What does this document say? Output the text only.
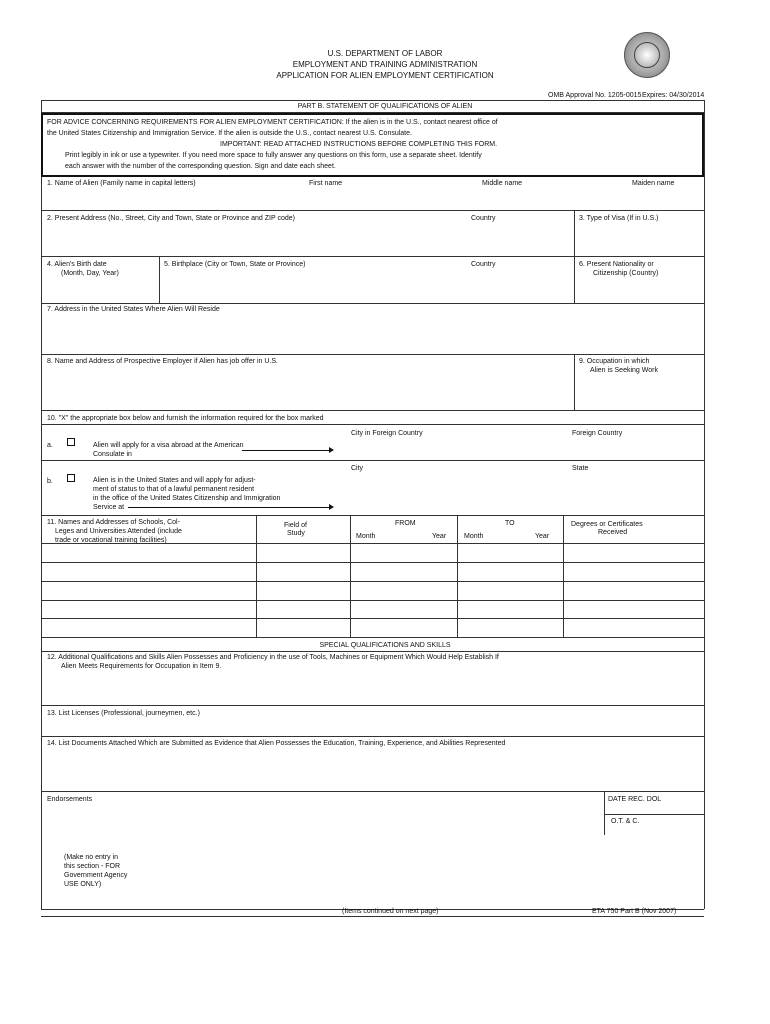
U.S. DEPARTMENT OF LABOR
EMPLOYMENT AND TRAINING ADMINISTRATION
APPLICATION FOR ALIEN EMPLOYMENT CERTIFICATION
OMB Approval No. 1205-0015 Expires: 04/30/2014
PART B. STATEMENT OF QUALIFICATIONS OF ALIEN
FOR ADVICE CONCERNING REQUIREMENTS FOR ALIEN EMPLOYMENT CERTIFICATION: If the alien is in the U.S., contact nearest office of
the United States Citizenship and Immigration Service. If the alien is outside the U.S., contact nearest U.S. Consulate.
IMPORTANT: READ ATTACHED INSTRUCTIONS BEFORE COMPLETING THIS FORM.
Print legibly in ink or use a typewriter. If you need more space to fully answer any questions on this form, use a separate sheet. Identify
each answer with the number of the corresponding question. Sign and date each sheet.
1. Name of Alien (Family name in capital letters)	First name	Middle name	Maiden name
2. Present Address (No., Street, City and Town, State or Province and ZIP code)	Country	3. Type of Visa (If in U.S.)
4. Alien's Birth date
(Month, Day, Year)
5. Birthplace (City or Town, State or Province)	Country	6. Present Nationality or
Citizenship (Country)
7. Address in the United States Where Alien Will Reside
8. Name and Address of Prospective Employer if Alien has job offer in U.S.	9. Occupation in which
Alien is Seeking Work
10. "X" the appropriate box below and furnish the information required for the box marked
City in Foreign Country	Foreign Country
a.	Alien will apply for a visa abroad at the American
Consulate in
City	State
b.	Alien is in the United States and will apply for adjust-
ment of status to that of a lawful permanent resident
in the office of the United States Citizenship and Immigration
Service at
11. Names and Addresses of Schools, Col-
Leges and Universities Attended (include
trade or vocational training facilities)
Field of
Study
FROM	TO
Month	Year	Month	Year
Degrees or Certificates
Received
SPECIAL QUALIFICATIONS AND SKILLS
12. Additional Qualifications and Skills Alien Possesses and Proficiency in the use of Tools, Machines or Equipment Which Would Help Establish If
Alien Meets Requirements for Occupation in Item 9.
13. List Licenses (Professional, journeymen, etc.)
14. List Documents Attached Which are Submitted as Evidence that Alien Possesses the Education, Training, Experience, and Abilities Represented
Endorsements	DATE REC. DOL
O.T. & C.
(Make no entry in
this section - FOR
Government Agency
USE ONLY)
(Items continued on next page)	ETA 750 Part B (Nov 2007)
